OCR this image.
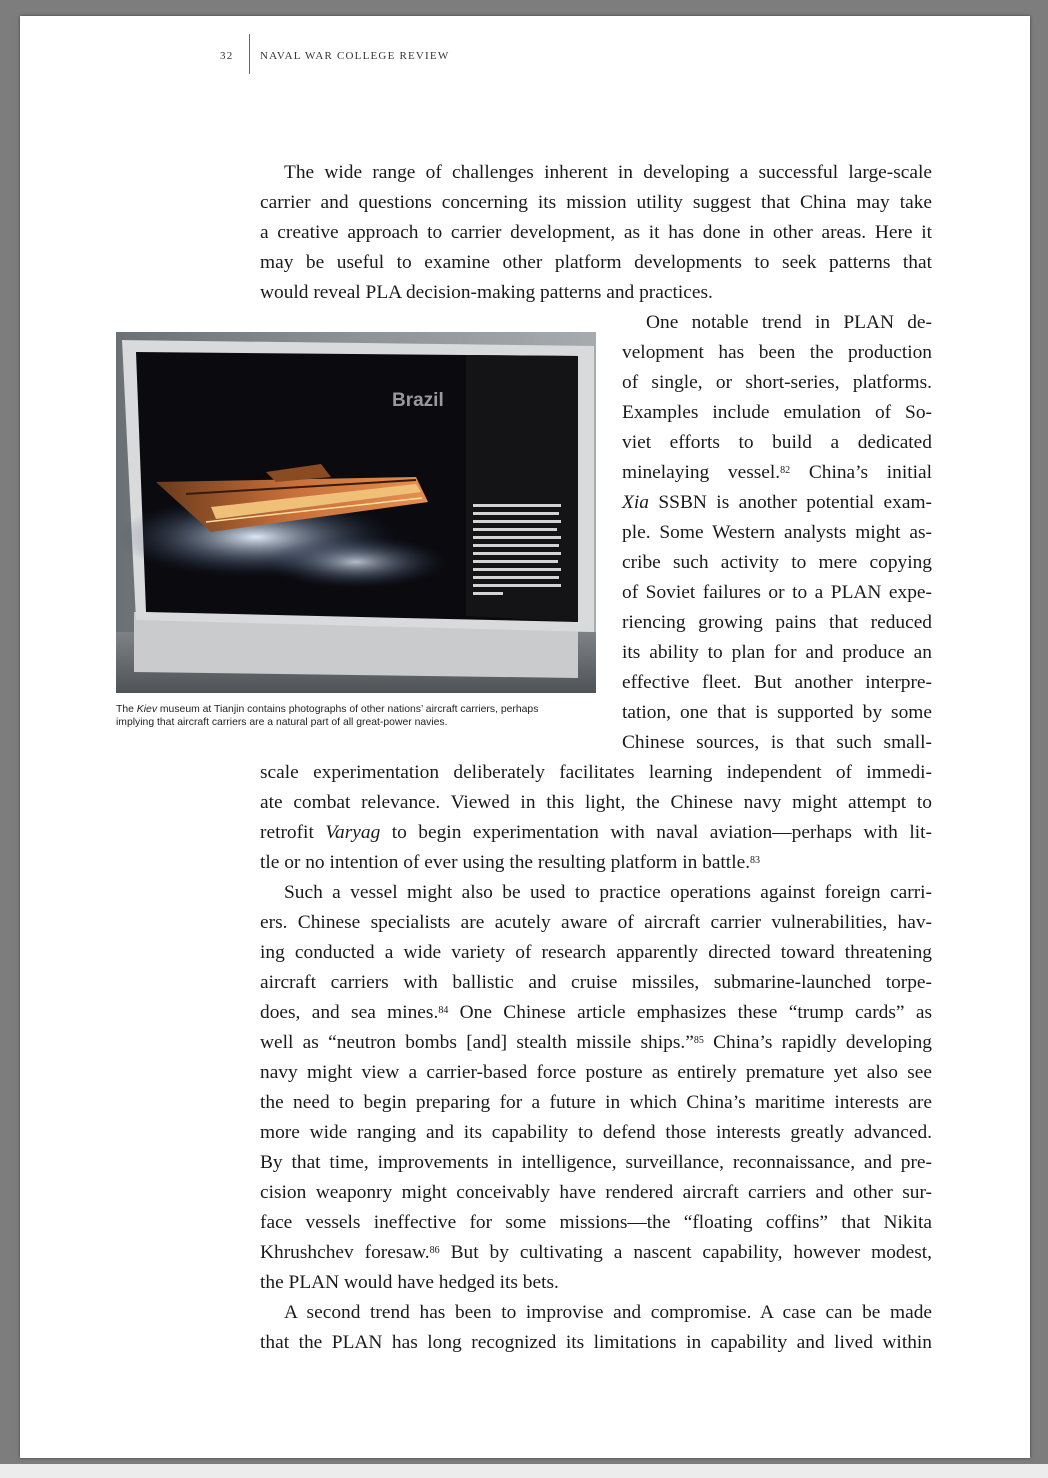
32 NAVAL WAR COLLEGE REVIEW
The wide range of challenges inherent in developing a successful large-scale
carrier and questions concerning its mission utility suggest that China may take
a creative approach to carrier development, as it has done in other areas. Here it
may be useful to examine other platform developments to seek patterns that
would reveal PLA decision-making patterns and practices.
Brazil
The Kiev museum at Tianjin contains photographs of other nations’ aircraft carriers, perhaps
implying that aircraft carriers are a natural part of all great-power navies.
One notable trend in PLAN de-
velopment has been the production
of single, or short-series, platforms.
Examples include emulation of So-
viet efforts to build a dedicated
minelaying vessel.$^{82}$ China’s initial
Xia SSBN is another potential exam-
ple. Some Western analysts might as-
cribe such activity to mere copying
of Soviet failures or to a PLAN expe-
riencing growing pains that reduced
its ability to plan for and produce an
effective fleet. But another interpre-
tation, one that is supported by some
Chinese sources, is that such small-
scale experimentation deliberately facilitates learning independent of immedi-
ate combat relevance. Viewed in this light, the Chinese navy might attempt to
retrofit Varyag to begin experimentation with naval aviation—perhaps with lit-
tle or no intention of ever using the resulting platform in battle.$^{83}$
Such a vessel might also be used to practice operations against foreign carri-
ers. Chinese specialists are acutely aware of aircraft carrier vulnerabilities, hav-
ing conducted a wide variety of research apparently directed toward threatening
aircraft carriers with ballistic and cruise missiles, submarine-launched torpe-
does, and sea mines.$^{84}$ One Chinese article emphasizes these “trump cards” as
well as “neutron bombs [and] stealth missile ships.”$^{85}$ China’s rapidly developing
navy might view a carrier-based force posture as entirely premature yet also see
the need to begin preparing for a future in which China’s maritime interests are
more wide ranging and its capability to defend those interests greatly advanced.
By that time, improvements in intelligence, surveillance, reconnaissance, and pre-
cision weaponry might conceivably have rendered aircraft carriers and other sur-
face vessels ineffective for some missions—the “floating coffins” that Nikita
Khrushchev foresaw.$^{86}$ But by cultivating a nascent capability, however modest,
the PLAN would have hedged its bets.
A second trend has been to improvise and compromise. A case can be made
that the PLAN has long recognized its limitations in capability and lived within
